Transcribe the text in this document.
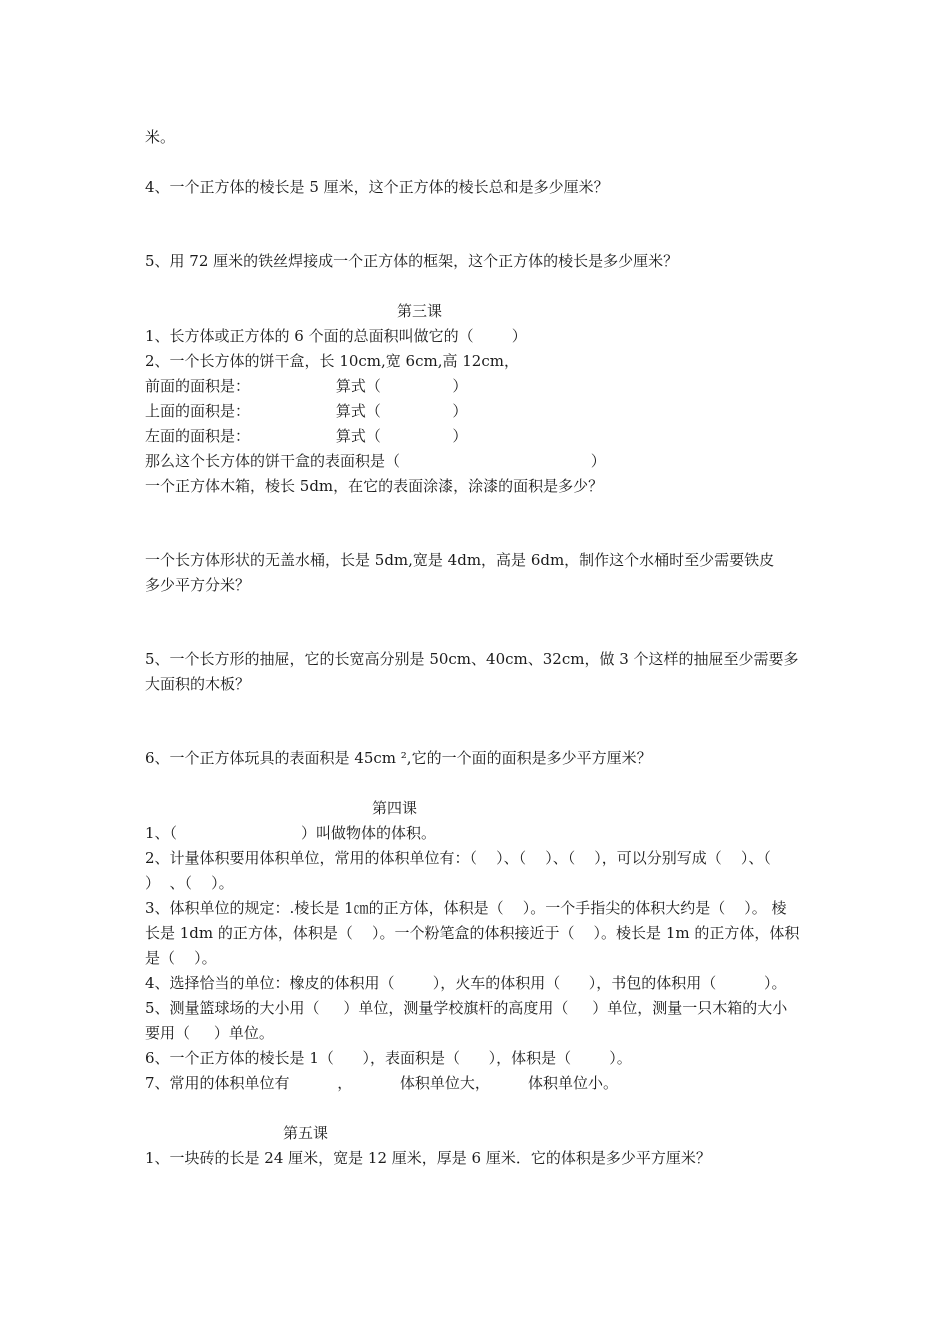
米。
4、一个正方体的棱长是 5 厘米，这个正方体的棱长总和是多少厘米？
5、用 72 厘米的铁丝焊接成一个正方体的框架，这个正方体的棱长是多少厘米？
第三课
1、长方体或正方体的 6 个面的总面积叫做它的（        ）
2、一个长方体的饼干盒，长 10cm,宽 6cm,高 12cm，
前面的面积是：                  算式（               ）
上面的面积是：                  算式（               ）
左面的面积是：                  算式（               ）
那么这个长方体的饼干盒的表面积是（                                        ）
一个正方体木箱，棱长 5dm，在它的表面涂漆，涂漆的面积是多少？
一个长方体形状的无盖水桶，长是 5dm,宽是 4dm，高是 6dm，制作这个水桶时至少需要铁皮
多少平方分米？
5、一个长方形的抽屉，它的长宽高分别是 50cm、40cm、32cm，做 3 个这样的抽屉至少需要多
大面积的木板？
6、一个正方体玩具的表面积是 45cm ²,它的一个面的面积是多少平方厘米？
第四课
1、（                          ）叫做物体的体积。
2、计量体积要用体积单位，常用的体积单位有：（    ）、（    ）、（    ），可以分别写成（    ）、（
）  、（    ）。
3、体积单位的规定：.棱长是 1㎝的正方体，体积是（    ）。一个手指尖的体积大约是（    ）。 棱
长是 1dm 的正方体，体积是（    ）。一个粉笔盒的体积接近于（    ）。棱长是 1m 的正方体，体积
是（    ）。
4、选择恰当的单位：橡皮的体积用（        ），火车的体积用（      ），书包的体积用（          ）。
5、测量篮球场的大小用（     ）单位，测量学校旗杆的高度用（     ）单位，测量一只木箱的大小
要用（     ）单位。
6、一个正方体的棱长是 1（      ），表面积是（      ），体积是（        ）。
7、常用的体积单位有          ，          体积单位大，        体积单位小。
第五课
1、一块砖的长是 24 厘米，宽是 12 厘米，厚是 6 厘米．它的体积是多少平方厘米？
